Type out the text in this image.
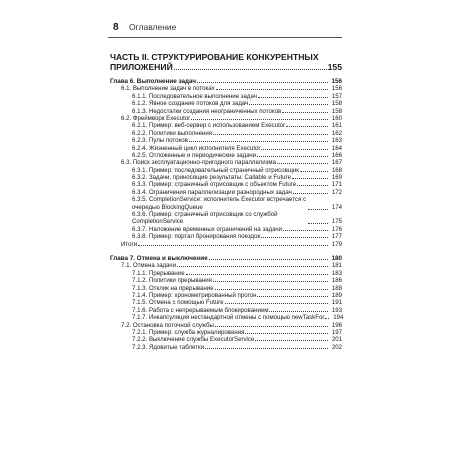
8 Оглавление
ЧАСТЬ II. СТРУКТУРИРОВАНИЕ КОНКУРЕНТНЫХ
ПРИЛОЖЕНИЙ	155
Глава 6. Выполнение задач	156
6.1. Выполнение задач в потоках	156
6.1.1. Последовательное выполнение задач	157
6.1.2. Явное создание потоков для задач	158
6.1.3. Недостатки создания неограниченных потоков	158
6.2. Фреймворк Executor	160
6.2.1. Пример: веб-сервер с использованием Executor	161
6.2.2. Политики выполнения	162
6.2.3. Пулы потоков	163
6.2.4. Жизненный цикл исполнителя Executor	164
6.2.5. Отложенные и периодические задачи	166
6.3. Поиск эксплуатационно-пригодного параллелизма	167
6.3.1. Пример: последовательный страничный отрисовщик	168
6.3.2. Задачи, приносящие результаты: Callable и Future	169
6.3.3. Пример: страничный отрисовщик с объектом Future	171
6.3.4. Ограничения параллелизации разнородных задач	172
6.3.5. CompletionService: исполнитель Executor встречается с очередью BlockingQueue	174
6.3.6. Пример: страничный отрисовщик со службой CompletionService	175
6.3.7. Наложение временных ограничений на задачи	176
6.3.8. Пример: портал бронирования поездок	177
Итоги	179
Глава 7. Отмена и выключение	180
7.1. Отмена задачи	181
7.1.1. Прерывание	183
7.1.2. Политики прерывания	186
7.1.3. Отклик на прерывание	188
7.1.4. Пример: хронометрированный прогон	189
7.1.5. Отмена с помощью Future	191
7.1.6. Работа с непрерываемым блокированием	193
7.1.7. Инкапсуляция нестандартной отмены с помощью newTaskFor	194
7.2. Остановка поточной службы	196
7.2.1. Пример: служба журналирования	197
7.2.2. Выключение службы ExecutorService	201
7.2.3. Ядовитые таблетки	202
